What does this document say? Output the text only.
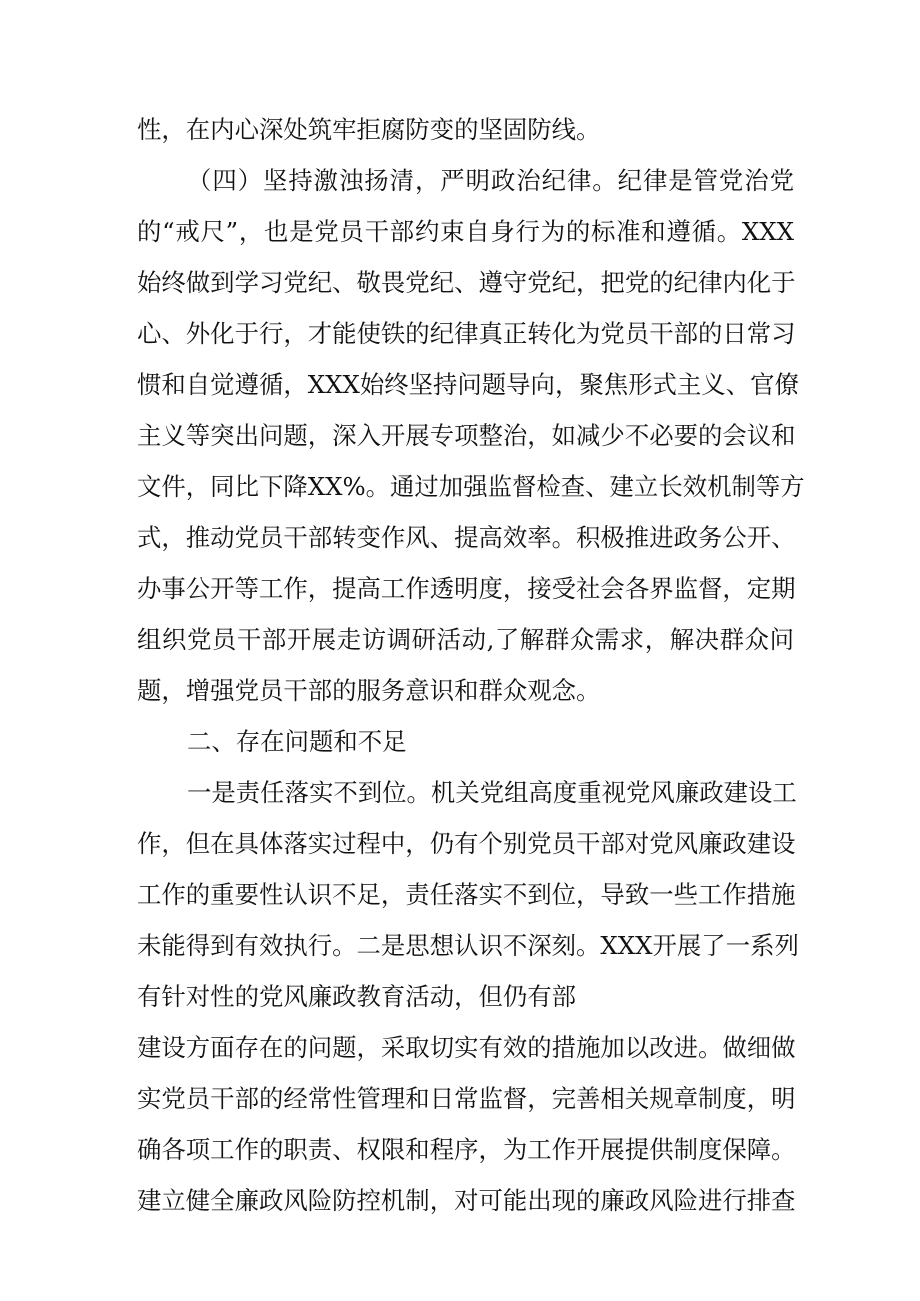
性，在内心深处筑牢拒腐防变的坚固防线。
（四）坚持激浊扬清，严明政治纪律。纪律是管党治党
的“戒尺”，也是党员干部约束自身行为的标准和遵循。XXX
始终做到学习党纪、敬畏党纪、遵守党纪，把党的纪律内化于
心、外化于行，才能使铁的纪律真正转化为党员干部的日常习
惯和自觉遵循，XXX始终坚持问题导向，聚焦形式主义、官僚
主义等突出问题，深入开展专项整治，如减少不必要的会议和
文件，同比下降XX%。通过加强监督检查、建立长效机制等方
式，推动党员干部转变作风、提高效率。积极推进政务公开、
办事公开等工作，提高工作透明度，接受社会各界监督，定期
组织党员干部开展走访调研活动,了解群众需求，解决群众问
题，增强党员干部的服务意识和群众观念。
二、存在问题和不足
一是责任落实不到位。机关党组高度重视党风廉政建设工
作，但在具体落实过程中，仍有个别党员干部对党风廉政建设
工作的重要性认识不足，责任落实不到位，导致一些工作措施
未能得到有效执行。二是思想认识不深刻。XXX开展了一系列
有针对性的党风廉政教育活动，但仍有部
建设方面存在的问题，采取切实有效的措施加以改进。做细做
实党员干部的经常性管理和日常监督，完善相关规章制度，明
确各项工作的职责、权限和程序，为工作开展提供制度保障。
建立健全廉政风险防控机制，对可能出现的廉政风险进行排查
